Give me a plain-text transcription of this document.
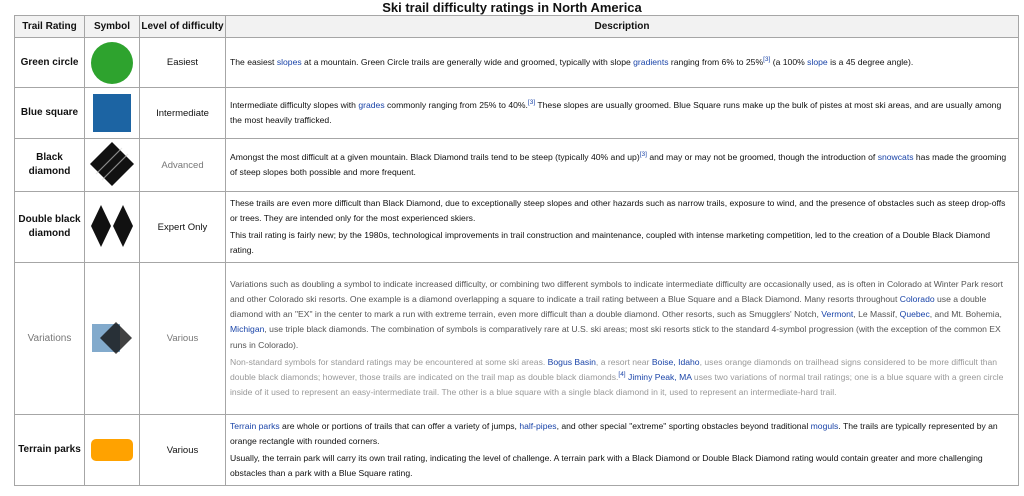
Ski trail difficulty ratings in North America
Trail Rating	Symbol	Level of difficulty	Description
Green circle		Easiest	The easiest slopes at a mountain. Green Circle trails are generally wide and groomed, typically with slope gradients ranging from 6% to 25%[3] (a 100% slope is a 45 degree angle).
Blue square		Intermediate	Intermediate difficulty slopes with grades commonly ranging from 25% to 40%.[3] These slopes are usually groomed. Blue Square runs make up the bulk of pistes at most ski areas, and are usually among the most heavily trafficked.
Black diamond		Advanced	Amongst the most difficult at a given mountain. Black Diamond trails tend to be steep (typically 40% and up)[3] and may or may not be groomed, though the introduction of snowcats has made the grooming of steep slopes both possible and more frequent.
Double black diamond		Expert Only	These trails are even more difficult than Black Diamond, due to exceptionally steep slopes and other hazards such as narrow trails, exposure to wind, and the presence of obstacles such as steep drop-offs or trees. They are intended only for the most experienced skiers.

This trail rating is fairly new; by the 1980s, technological improvements in trail construction and maintenance, coupled with intense marketing competition, led to the creation of a Double Black Diamond rating.

Variations		Various	Variations such as doubling a symbol to indicate increased difficulty, or combining two different symbols to indicate intermediate difficulty are occasionally used, as is often in Colorado at Winter Park resort and other Colorado ski resorts. One example is a diamond overlapping a square to indicate a trail rating between a Blue Square and a Black Diamond. Many resorts throughout Colorado use a double diamond with an "EX" in the center to mark a run with extreme terrain, even more difficult than a double diamond. Other resorts, such as Smugglers' Notch, Vermont, Le Massif, Quebec, and Mt. Bohemia, Michigan, use triple black diamonds. The combination of symbols is comparatively rare at U.S. ski areas; most ski resorts stick to the standard 4-symbol progression (with the exception of the common EX runs in Colorado).

Non-standard symbols for standard ratings may be encountered at some ski areas. Bogus Basin, a resort near Boise, Idaho, uses orange diamonds on trailhead signs considered to be more difficult than double black diamonds; however, those trails are indicated on the trail map as double black diamonds.[4] Jiminy Peak, MA uses two variations of normal trail ratings; one is a blue square with a green circle inside of it used to represent an easy-intermediate trail. The other is a blue square with a single black diamond in it, used to represent an intermediate-hard trail.

Terrain parks		Various	Terrain parks are whole or portions of trails that can offer a variety of jumps, half-pipes, and other special "extreme" sporting obstacles beyond traditional moguls. The trails are typically represented by an orange rectangle with rounded corners.

Usually, the terrain park will carry its own trail rating, indicating the level of challenge. A terrain park with a Black Diamond or Double Black Diamond rating would contain greater and more challenging obstacles than a park with a Blue Square rating.
